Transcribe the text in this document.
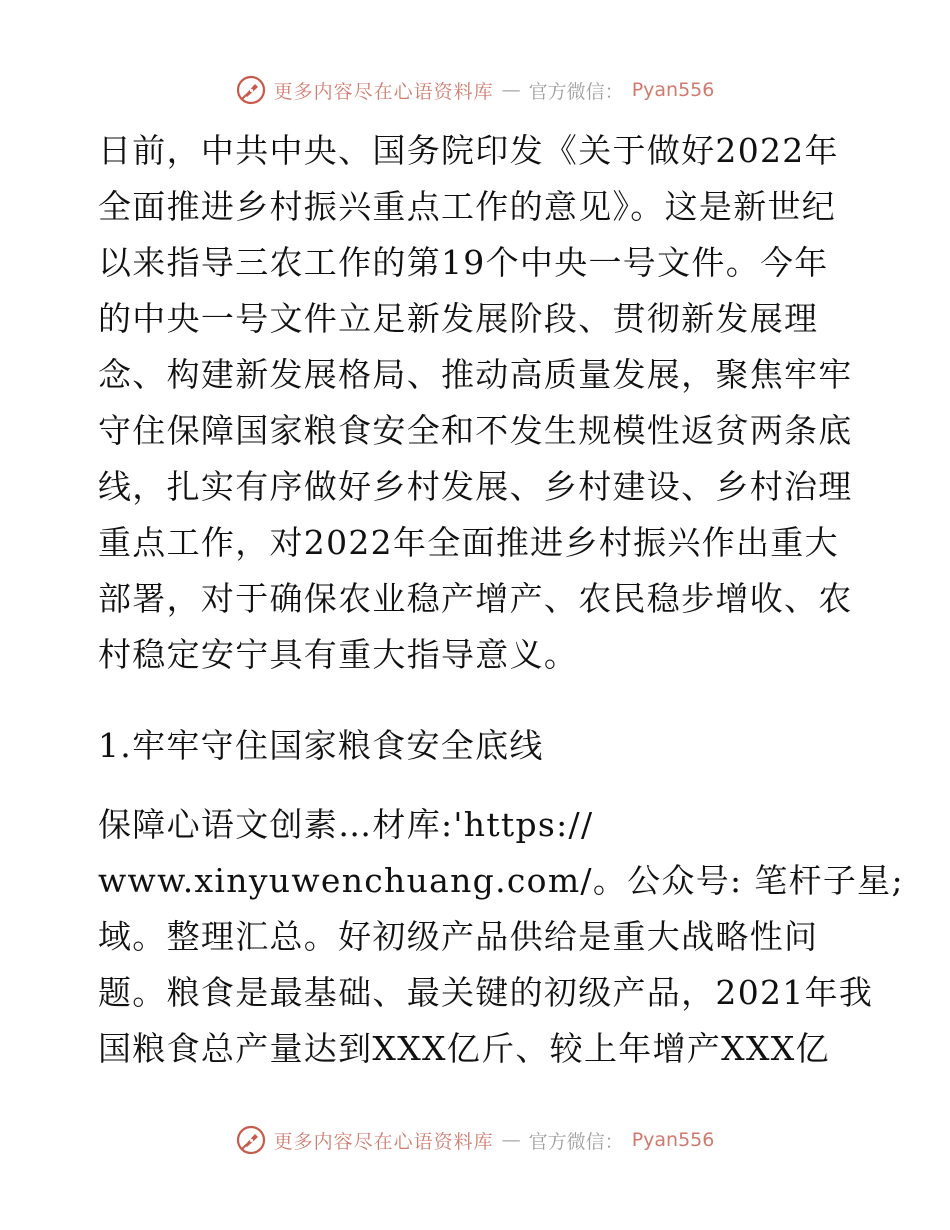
更多内容尽在心语资料库 — 官方微信： Pyan556
日前，中共中央、国务院印发《关于做好2022年
全面推进乡村振兴重点工作的意见》。这是新世纪
以来指导三农工作的第19个中央一号文件。今年
的中央一号文件立足新发展阶段、贯彻新发展理
念、构建新发展格局、推动高质量发展，聚焦牢牢
守住保障国家粮食安全和不发生规模性返贫两条底
线，扎实有序做好乡村发展、乡村建设、乡村治理
重点工作，对2022年全面推进乡村振兴作出重大
部署，对于确保农业稳产增产、农民稳步增收、农
村稳定安宁具有重大指导意义。
1.牢牢守住国家粮食安全底线
保障心语文创素…材库:'https://
www.xinyuwenchuang.com/。公众号: 笔杆子星;
域。整理汇总。好初级产品供给是重大战略性问
题。粮食是最基础、最关键的初级产品，2021年我
国粮食总产量达到XXX亿斤、较上年增产XXX亿
更多内容尽在心语资料库 — 官方微信： Pyan556
